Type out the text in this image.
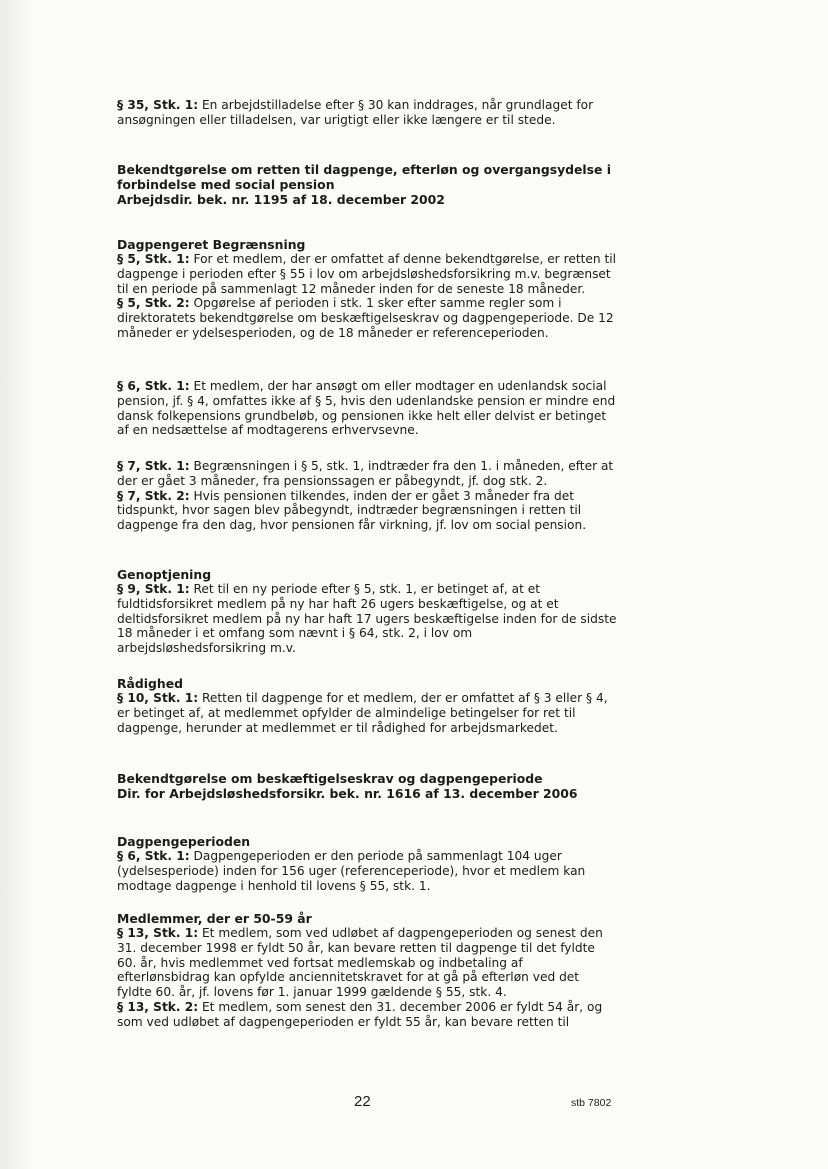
§ 35, Stk. 1: En arbejdstilladelse efter § 30 kan inddrages, når grundlaget for ansøgningen eller tilladelsen, var urigtigt eller ikke længere er til stede.

Bekendtgørelse om retten til dagpenge, efterløn og overgangsydelse i forbindelse med social pension

Arbejdsdir. bek. nr. 1195 af 18. december 2002

Dagpengeret Begrænsning

§ 5, Stk. 1: For et medlem, der er omfattet af denne bekendtgørelse, er retten til dagpenge i perioden efter § 55 i lov om arbejdsløshedsforsikring m.v. begrænset til en periode på sammenlagt 12 måneder inden for de seneste 18 måneder.

§ 5, Stk. 2: Opgørelse af perioden i stk. 1 sker efter samme regler som i direktoratets bekendtgørelse om beskæftigelseskrav og dagpengeperiode. De 12 måneder er ydelsesperioden, og de 18 måneder er referenceperioden.

§ 6, Stk. 1: Et medlem, der har ansøgt om eller modtager en udenlandsk social pension, jf. § 4, omfattes ikke af § 5, hvis den udenlandske pension er mindre end dansk folkepensions grundbeløb, og pensionen ikke helt eller delvist er betinget af en nedsættelse af modtagerens erhvervsevne.

§ 7, Stk. 1: Begrænsningen i § 5, stk. 1, indtræder fra den 1. i måneden, efter at der er gået 3 måneder, fra pensionssagen er påbegyndt, jf. dog stk. 2.

§ 7, Stk. 2: Hvis pensionen tilkendes, inden der er gået 3 måneder fra det tidspunkt, hvor sagen blev påbegyndt, indtræder begrænsningen i retten til dagpenge fra den dag, hvor pensionen får virkning, jf. lov om social pension.

Genoptjening

§ 9, Stk. 1: Ret til en ny periode efter § 5, stk. 1, er betinget af, at et fuldtidsforsikret medlem på ny har haft 26 ugers beskæftigelse, og at et deltidsforsikret medlem på ny har haft 17 ugers beskæftigelse inden for de sidste 18 måneder i et omfang som nævnt i § 64, stk. 2, i lov om arbejdsløshedsforsikring m.v.

Rådighed

§ 10, Stk. 1: Retten til dagpenge for et medlem, der er omfattet af § 3 eller § 4, er betinget af, at medlemmet opfylder de almindelige betingelser for ret til dagpenge, herunder at medlemmet er til rådighed for arbejdsmarkedet.

Bekendtgørelse om beskæftigelseskrav og dagpengeperiode

Dir. for Arbejdsløshedsforsikr. bek. nr. 1616 af 13. december 2006

Dagpengeperioden

§ 6, Stk. 1: Dagpengeperioden er den periode på sammenlagt 104 uger (ydelsesperiode) inden for 156 uger (referenceperiode), hvor et medlem kan modtage dagpenge i henhold til lovens § 55, stk. 1.

Medlemmer, der er 50-59 år

§ 13, Stk. 1: Et medlem, som ved udløbet af dagpengeperioden og senest den 31. december 1998 er fyldt 50 år, kan bevare retten til dagpenge til det fyldte 60. år, hvis medlemmet ved fortsat medlemskab og indbetaling af efterlønsbidrag kan opfylde anciennitetskravet for at gå på efterløn ved det fyldte 60. år, jf. lovens før 1. januar 1999 gældende § 55, stk. 4.

§ 13, Stk. 2: Et medlem, som senest den 31. december 2006 er fyldt 54 år, og som ved udløbet af dagpengeperioden er fyldt 55 år, kan bevare retten til

22	stb 7802
